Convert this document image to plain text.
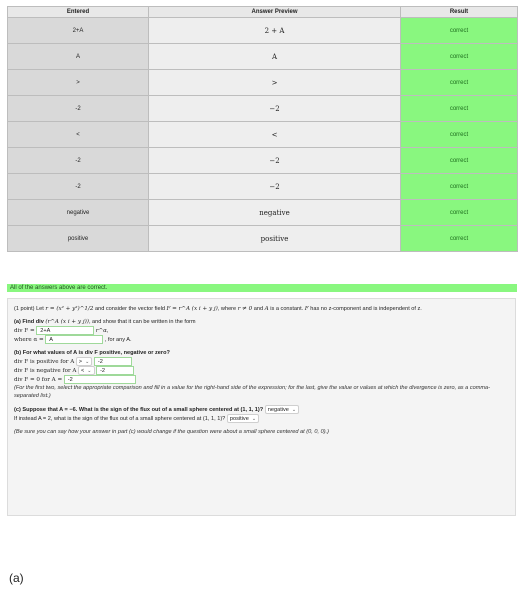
Entered	Answer Preview	Result
2+A	2 + A	correct
A	A	correct
>	>	correct
-2	−2	correct
<	<	correct
-2	−2	correct
-2	−2	correct
negative	negative	correct
positive	positive	correct
All of the answers above are correct.

(1 point) Let r = (x² + y²)^1/2 and consider the vector field F = r^A (x i + y j), where r ≠ 0 and A is a constant. F has no z-component and is independent of z.

(a) Find div (r^A (x i + y j)), and show that it can be written in the form

div F = 2+A	r^α,

where α = A	, for any A.

(b) For what values of A is div F positive, negative or zero?

div F is positive for A > ⌄ -2

div F is negative for A < ⌄ -2

div F = 0 for A = -2

(For the first two, select the appropriate comparison and fill in a value for the right-hand side of the expression; for the last, give the value or values at which the divergence is zero, as a comma-separated list.)

(c) Suppose that A = −6. What is the sign of the flux out of a small sphere centered at (1, 1, 1)? negative ⌄

If instead A = 2, what is the sign of the flux out of a small sphere centered at (1, 1, 1)? positive ⌄

(Be sure you can say how your answer in part (c) would change if the question were about a small sphere centered at (0, 0, 0).)

(a)
